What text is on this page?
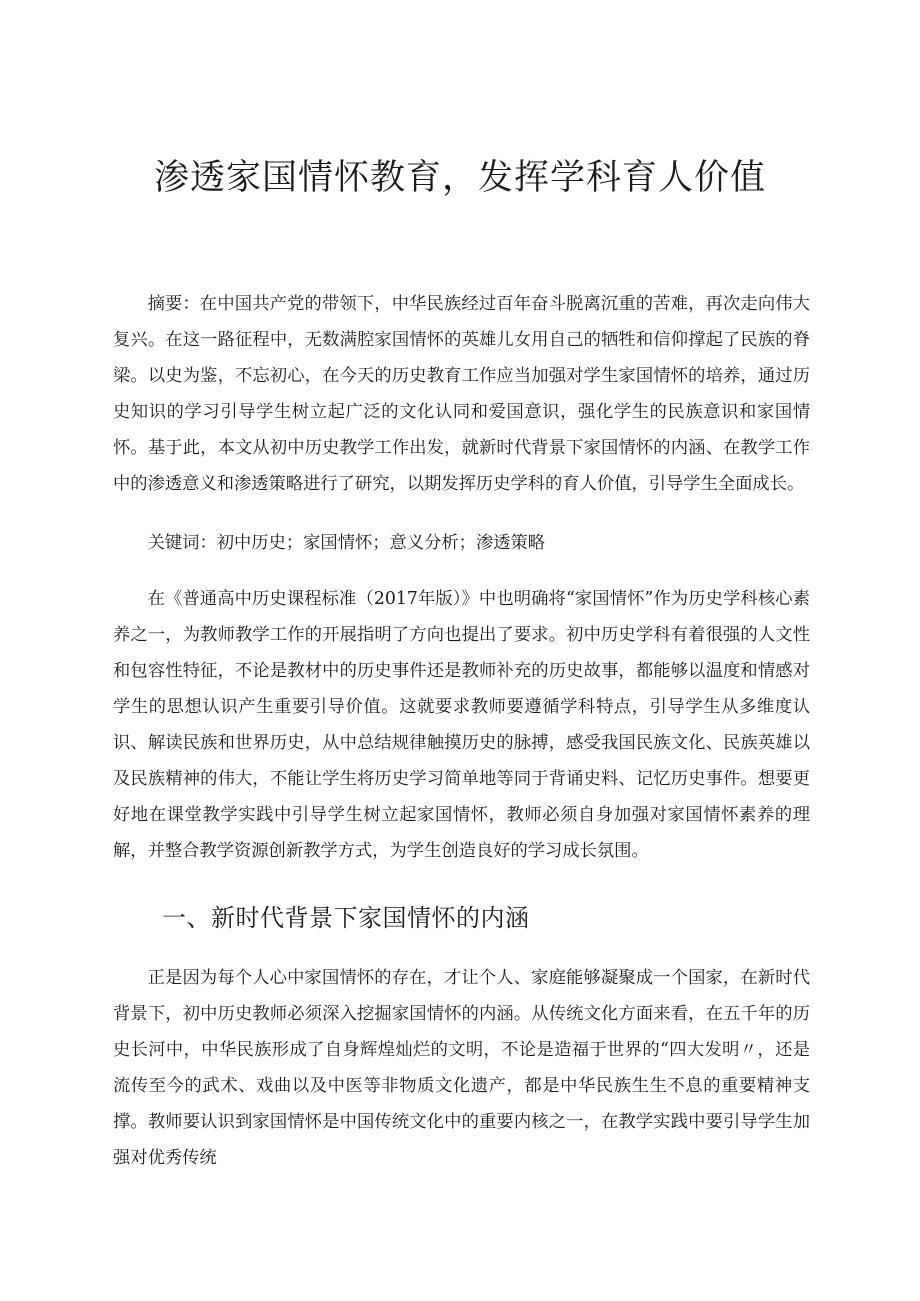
渗透家国情怀教育，发挥学科育人价值

摘要：在中国共产党的带领下，中华民族经过百年奋斗脱离沉重的苦难，再次走向伟大复兴。在这一路征程中，无数满腔家国情怀的英雄儿女用自己的牺牲和信仰撑起了民族的脊梁。以史为鉴，不忘初心，在今天的历史教育工作应当加强对学生家国情怀的培养，通过历史知识的学习引导学生树立起广泛的文化认同和爱国意识，强化学生的民族意识和家国情怀。基于此，本文从初中历史教学工作出发，就新时代背景下家国情怀的内涵、在教学工作中的渗透意义和渗透策略进行了研究，以期发挥历史学科的育人价值，引导学生全面成长。

关键词：初中历史；家国情怀；意义分析；渗透策略

在《普通高中历史课程标准（2017年版）》中也明确将“家国情怀”作为历史学科核心素养之一，为教师教学工作的开展指明了方向也提出了要求。初中历史学科有着很强的人文性和包容性特征，不论是教材中的历史事件还是教师补充的历史故事，都能够以温度和情感对学生的思想认识产生重要引导价值。这就要求教师要遵循学科特点，引导学生从多维度认识、解读民族和世界历史，从中总结规律触摸历史的脉搏，感受我国民族文化、民族英雄以及民族精神的伟大，不能让学生将历史学习简单地等同于背诵史料、记忆历史事件。想要更好地在课堂教学实践中引导学生树立起家国情怀，教师必须自身加强对家国情怀素养的理解，并整合教学资源创新教学方式，为学生创造良好的学习成长氛围。

一、新时代背景下家国情怀的内涵

正是因为每个人心中家国情怀的存在，才让个人、家庭能够凝聚成一个国家，在新时代背景下，初中历史教师必须深入挖掘家国情怀的内涵。从传统文化方面来看，在五千年的历史长河中，中华民族形成了自身辉煌灿烂的文明，不论是造福于世界的“四大发明〃，还是流传至今的武术、戏曲以及中医等非物质文化遗产，都是中华民族生生不息的重要精神支撑。教师要认识到家国情怀是中国传统文化中的重要内核之一，在教学实践中要引导学生加强对优秀传统
